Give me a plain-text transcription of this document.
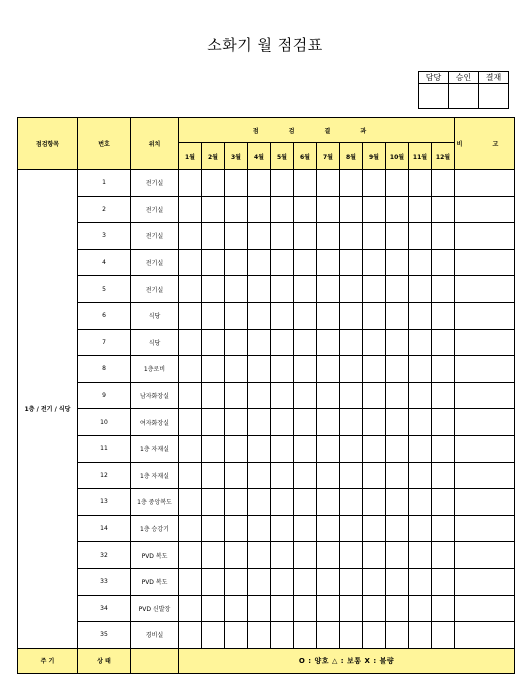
소화기 월 점검표
담당	승인	결재

점검항목	번호	위치	점 검 결 과												비 고
			1월	2월	3월	4월	5월	6월	7월	8월	9월	10월	11월	12월	
1층 / 전기 / 식당	1	전기실													
	2	전기실													
	3	전기실													
	4	전기실													
	5	전기실													
	6	식당													
	7	식당													
	8	1층로비													
	9	남자화장실													
	10	여자화장실													
	11	1층 자재실													
	12	1층 자재실													
	13	1층 중앙복도													
	14	1층 승강기													
	32	PVD 복도													
	33	PVD 복도													
	34	PVD 신발장													
	35	경비실													
주 기	상 태		O : 양호 △ : 보통 X : 불량												
